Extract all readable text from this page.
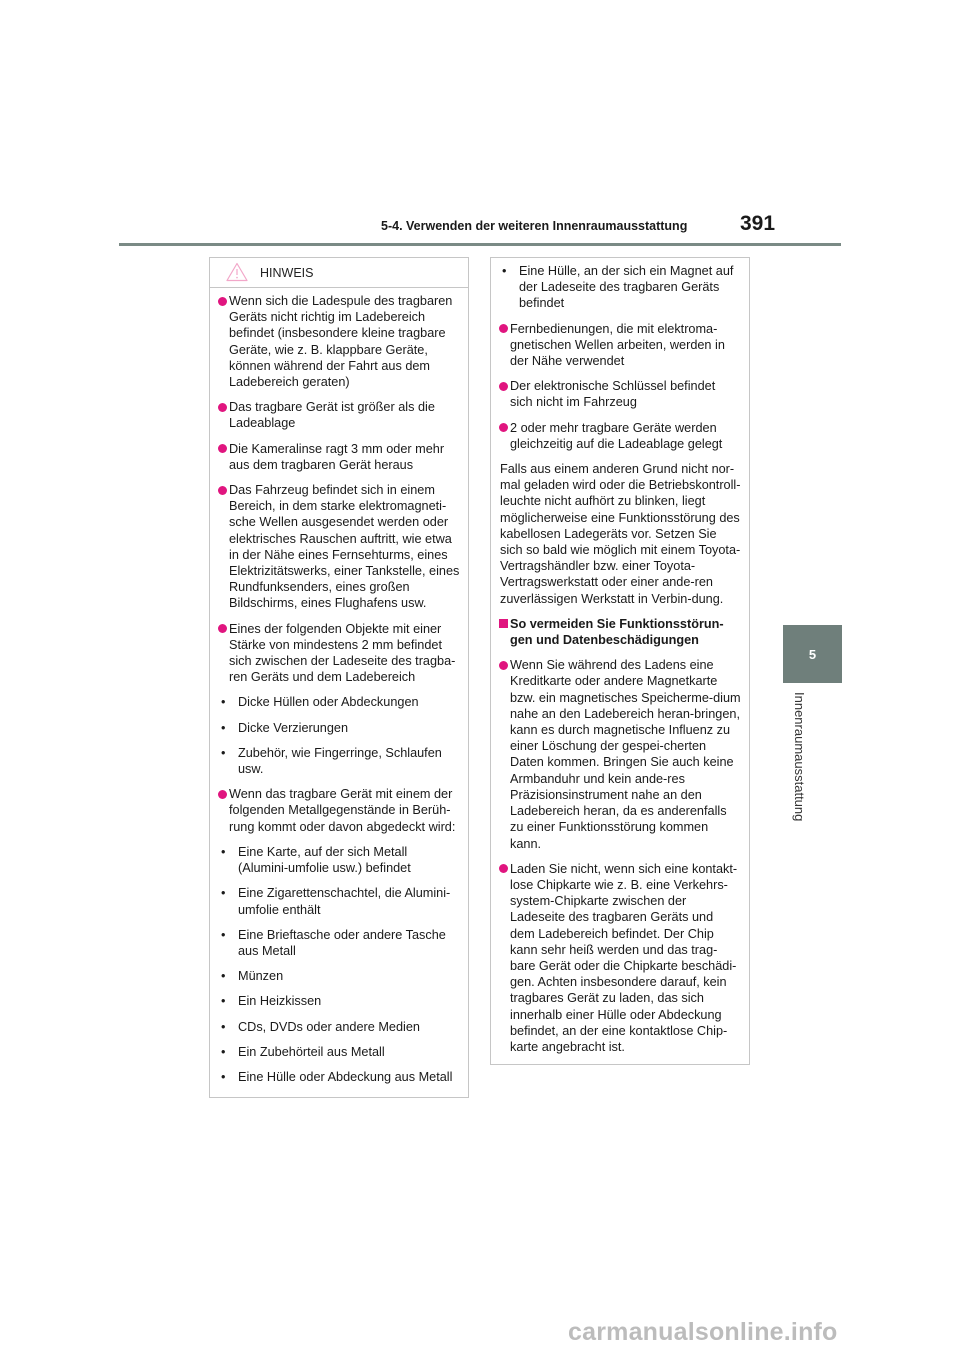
5-4. Verwenden der weiteren Innenraumausstattung	391
5
Innenraumausstattung
HINWEIS
Wenn sich die Ladespule des tragbaren Geräts nicht richtig im Ladebereich befindet (insbesondere kleine tragbare Geräte, wie z. B. klappbare Geräte, können während der Fahrt aus dem Ladebereich geraten)
Das tragbare Gerät ist größer als die Ladeablage
Die Kameralinse ragt 3 mm oder mehr aus dem tragbaren Gerät heraus
Das Fahrzeug befindet sich in einem Bereich, in dem starke elektromagneti-sche Wellen ausgesendet werden oder elektrisches Rauschen auftritt, wie etwa in der Nähe eines Fernsehturms, eines Elektrizitätswerks, einer Tankstelle, eines Rundfunksenders, eines großen Bildschirms, eines Flughafens usw.
Eines der folgenden Objekte mit einer Stärke von mindestens 2 mm befindet sich zwischen der Ladeseite des tragba-ren Geräts und dem Ladebereich
• Dicke Hüllen oder Abdeckungen
• Dicke Verzierungen
• Zubehör, wie Fingerringe, Schlaufen usw.
Wenn das tragbare Gerät mit einem der folgenden Metallgegenstände in Berüh-rung kommt oder davon abgedeckt wird:
• Eine Karte, auf der sich Metall (Alumini-umfolie usw.) befindet
• Eine Zigarettenschachtel, die Alumini-umfolie enthält
• Eine Brieftasche oder andere Tasche aus Metall
• Münzen
• Ein Heizkissen
• CDs, DVDs oder andere Medien
• Ein Zubehörteil aus Metall
• Eine Hülle oder Abdeckung aus Metall
• Eine Hülle, an der sich ein Magnet auf der Ladeseite des tragbaren Geräts befindet
Fernbedienungen, die mit elektroma-gnetischen Wellen arbeiten, werden in der Nähe verwendet
Der elektronische Schlüssel befindet sich nicht im Fahrzeug
2 oder mehr tragbare Geräte werden gleichzeitig auf die Ladeablage gelegt
Falls aus einem anderen Grund nicht nor-mal geladen wird oder die Betriebskontroll-leuchte nicht aufhört zu blinken, liegt möglicherweise eine Funktionsstörung des kabellosen Ladegeräts vor. Setzen Sie sich so bald wie möglich mit einem Toyota-Vertragshändler bzw. einer Toyota-Vertragswerkstatt oder einer ande-ren zuverlässigen Werkstatt in Verbin-dung.
So vermeiden Sie Funktionsstörun-gen und Datenbeschädigungen
Wenn Sie während des Ladens eine Kreditkarte oder andere Magnetkarte bzw. ein magnetisches Speicherme-dium nahe an den Ladebereich heran-bringen, kann es durch magnetische Influenz zu einer Löschung der gespei-cherten Daten kommen. Bringen Sie auch keine Armbanduhr und kein ande-res Präzisionsinstrument nahe an den Ladebereich heran, da es anderenfalls zu einer Funktionsstörung kommen kann.
Laden Sie nicht, wenn sich eine kontakt-lose Chipkarte wie z. B. eine Verkehrs-system-Chipkarte zwischen der Ladeseite des tragbaren Geräts und dem Ladebereich befindet. Der Chip kann sehr heiß werden und das trag-bare Gerät oder die Chipkarte beschädi-gen. Achten insbesondere darauf, kein tragbares Gerät zu laden, das sich innerhalb einer Hülle oder Abdeckung befindet, an der eine kontaktlose Chip-karte angebracht ist.
carmanualsonline.info
